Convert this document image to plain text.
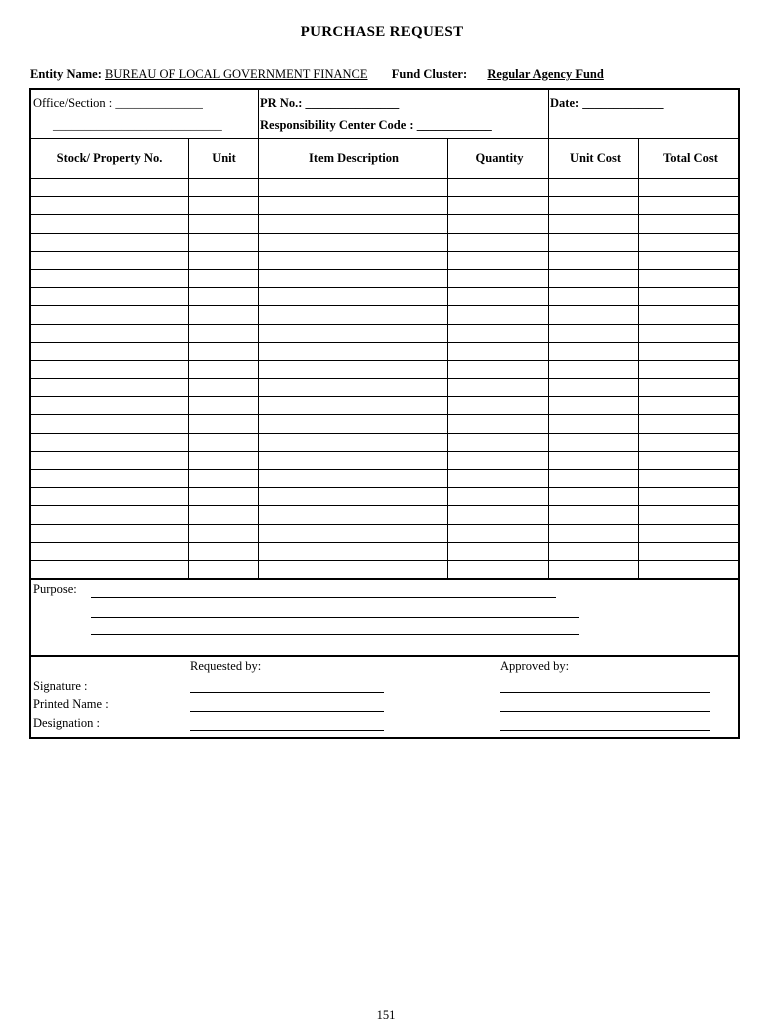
PURCHASE REQUEST
Entity Name: BUREAU OF LOCAL GOVERNMENT FINANCE Fund Cluster: Regular Agency Fund
Office/Section : ______________
___________________________
PR No.: _______________
Responsibility Center Code : ____________
Date: _____________
Stock/ Property No.	Unit	Item Description	Quantity	Unit Cost	Total Cost
Purpose:
Requested by:	Approved by:
Signature :
Printed Name :
Designation :
151
